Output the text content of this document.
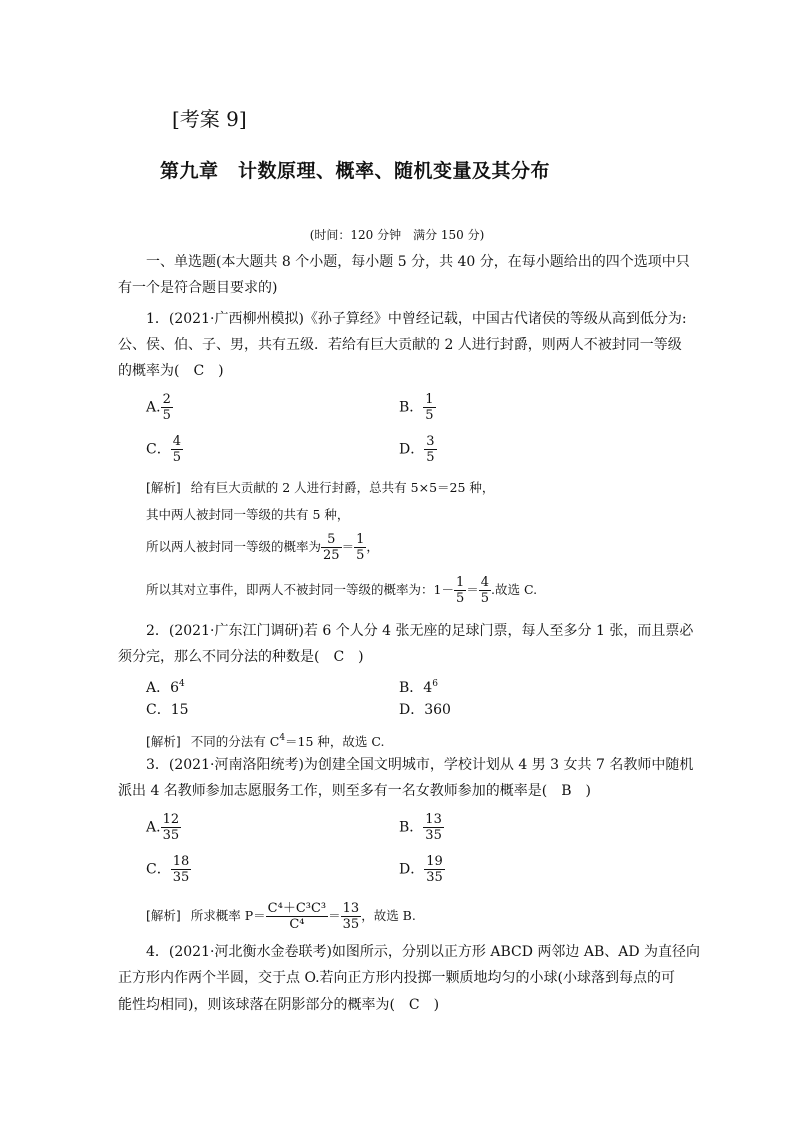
[考案 9]
第九章　计数原理、概率、随机变量及其分布
(时间：120 分钟　满分 150 分)
一、单选题(本大题共 8 个小题，每小题 5 分，共 40 分，在每小题给出的四个选项中只
有一个是符合题目要求的)
1．(2021·广西柳州模拟)《孙子算经》中曾经记载，中国古代诸侯的等级从高到低分为:
公、侯、伯、子、男，共有五级．若给有巨大贡献的 2 人进行封爵，则两人不被封同一等级
的概率为(　C　)
A. $\frac{2}{5}$	B． $\frac{1}{5}$
C． $\frac{4}{5}$	D． $\frac{3}{5}$
[解析] 给有巨大贡献的 2 人进行封爵，总共有 5×5＝25 种，
其中两人被封同一等级的共有 5 种，
所以两人被封同一等级的概率为 $\frac{5}{25} = \frac{1}{5}$ ，
所以其对立事件，即两人不被封同一等级的概率为：$1- \frac{1}{5} = \frac{4}{5}$ .故选 C.
2．(2021·广东江门调研)若 6 个人分 4 张无座的足球门票，每人至多分 1 张，而且票必
须分完，那么不同分法的种数是(　C　)
A．$6^4$	B．$4^6$
C．15	D．360
[解析] 不同的分法有 $C^4=15$ 种，故选 C.
3．(2021·河南洛阳统考)为创建全国文明城市，学校计划从 4 男 3 女共 7 名教师中随机
派出 4 名教师参加志愿服务工作，则至多有一名女教师参加的概率是(　B　)
A. $\frac{12}{35}$	B． $\frac{13}{35}$
C． $\frac{18}{35}$	D． $\frac{19}{35}$
[解析] 所求概率 $P= \frac{\text{C⁴＋C³C³}}{\text{C⁴}} = \frac{13}{35}$ ，故选 B.
4．(2021·河北衡水金卷联考)如图所示，分别以正方形 ABCD 两邻边 AB、AD 为直径向
正方形内作两个半圆，交于点 O.若向正方形内投掷一颗质地均匀的小球(小球落到每点的可
能性均相同)，则该球落在阴影部分的概率为(　C　)
